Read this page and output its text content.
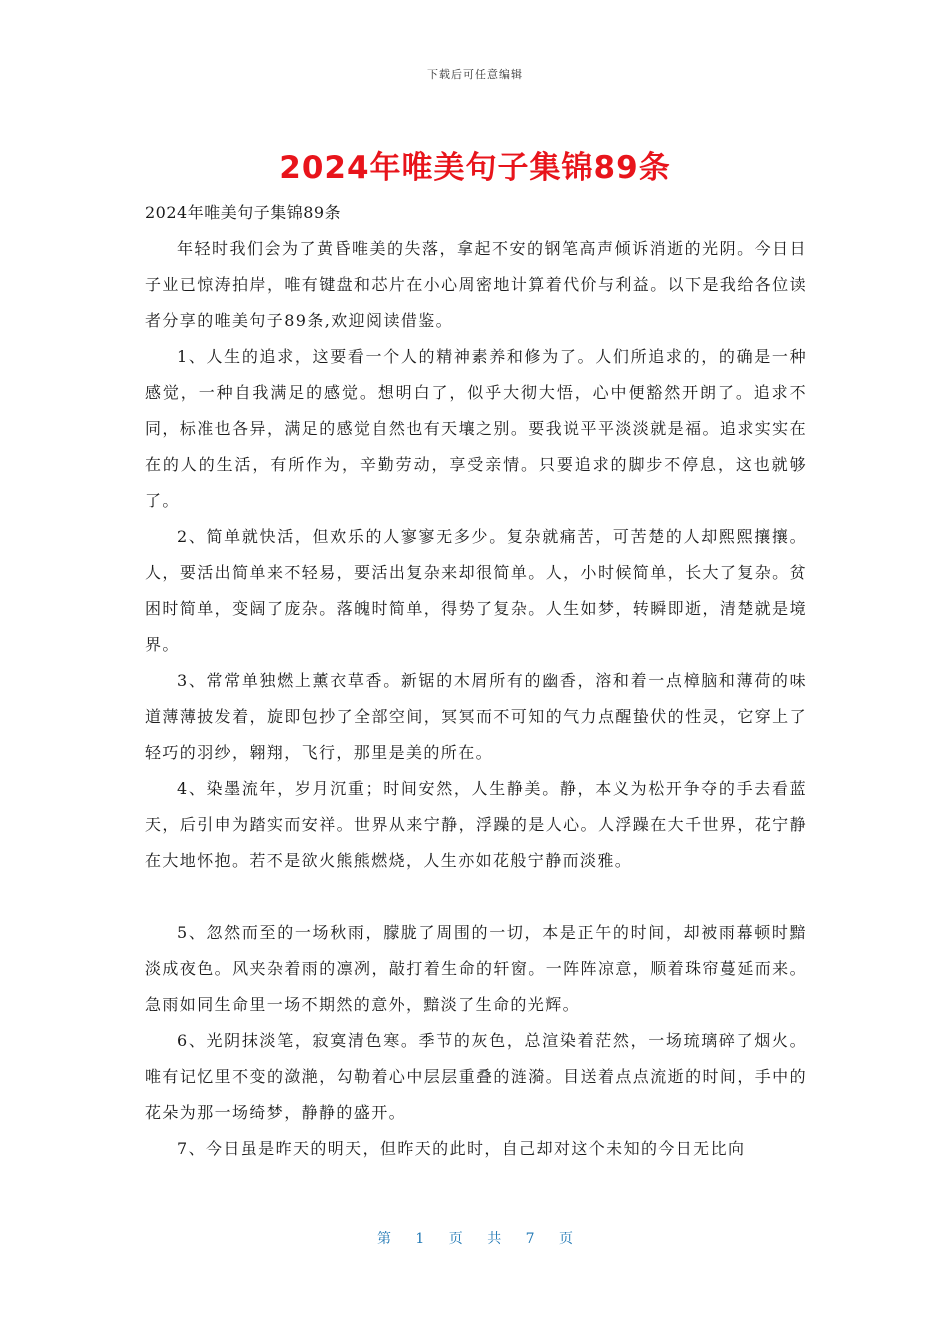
下载后可任意编辑
2024年唯美句子集锦89条

2024年唯美句子集锦89条

年轻时我们会为了黄昏唯美的失落，拿起不安的钢笔高声倾诉消逝的光阴。今日日子业已惊涛拍岸，唯有键盘和芯片在小心周密地计算着代价与利益。以下是我给各位读者分享的唯美句子89条,欢迎阅读借鉴。

1、人生的追求，这要看一个人的精神素养和修为了。人们所追求的，的确是一种感觉，一种自我满足的感觉。想明白了，似乎大彻大悟，心中便豁然开朗了。追求不同，标准也各异，满足的感觉自然也有天壤之别。要我说平平淡淡就是福。追求实实在在的人的生活，有所作为，辛勤劳动，享受亲情。只要追求的脚步不停息，这也就够了。

2、简单就快活，但欢乐的人寥寥无多少。复杂就痛苦，可苦楚的人却熙熙攘攘。人，要活出简单来不轻易，要活出复杂来却很简单。人，小时候简单，长大了复杂。贫困时简单，变阔了庞杂。落魄时简单，得势了复杂。人生如梦，转瞬即逝，清楚就是境界。

3、常常单独燃上薰衣草香。新锯的木屑所有的幽香，溶和着一点樟脑和薄荷的味道薄薄披发着，旋即包抄了全部空间，冥冥而不可知的气力点醒蛰伏的性灵，它穿上了轻巧的羽纱，翱翔，飞行，那里是美的所在。

4、染墨流年，岁月沉重；时间安然，人生静美。静，本义为松开争夺的手去看蓝天，后引申为踏实而安祥。世界从来宁静，浮躁的是人心。人浮躁在大千世界，花宁静在大地怀抱。若不是欲火熊熊燃烧，人生亦如花般宁静而淡雅。

5、忽然而至的一场秋雨，朦胧了周围的一切，本是正午的时间，却被雨幕顿时黯淡成夜色。风夹杂着雨的凛冽，敲打着生命的轩窗。一阵阵凉意，顺着珠帘蔓延而来。急雨如同生命里一场不期然的意外，黯淡了生命的光辉。

6、光阴抹淡笔，寂寞清色寒。季节的灰色，总渲染着茫然，一场琉璃碎了烟火。唯有记忆里不变的潋滟，勾勒着心中层层重叠的涟漪。目送着点点流逝的时间，手中的花朵为那一场绮梦，静静的盛开。

7、今日虽是昨天的明天，但昨天的此时，自己却对这个未知的今日无比向

第 1 页 共 7 页
